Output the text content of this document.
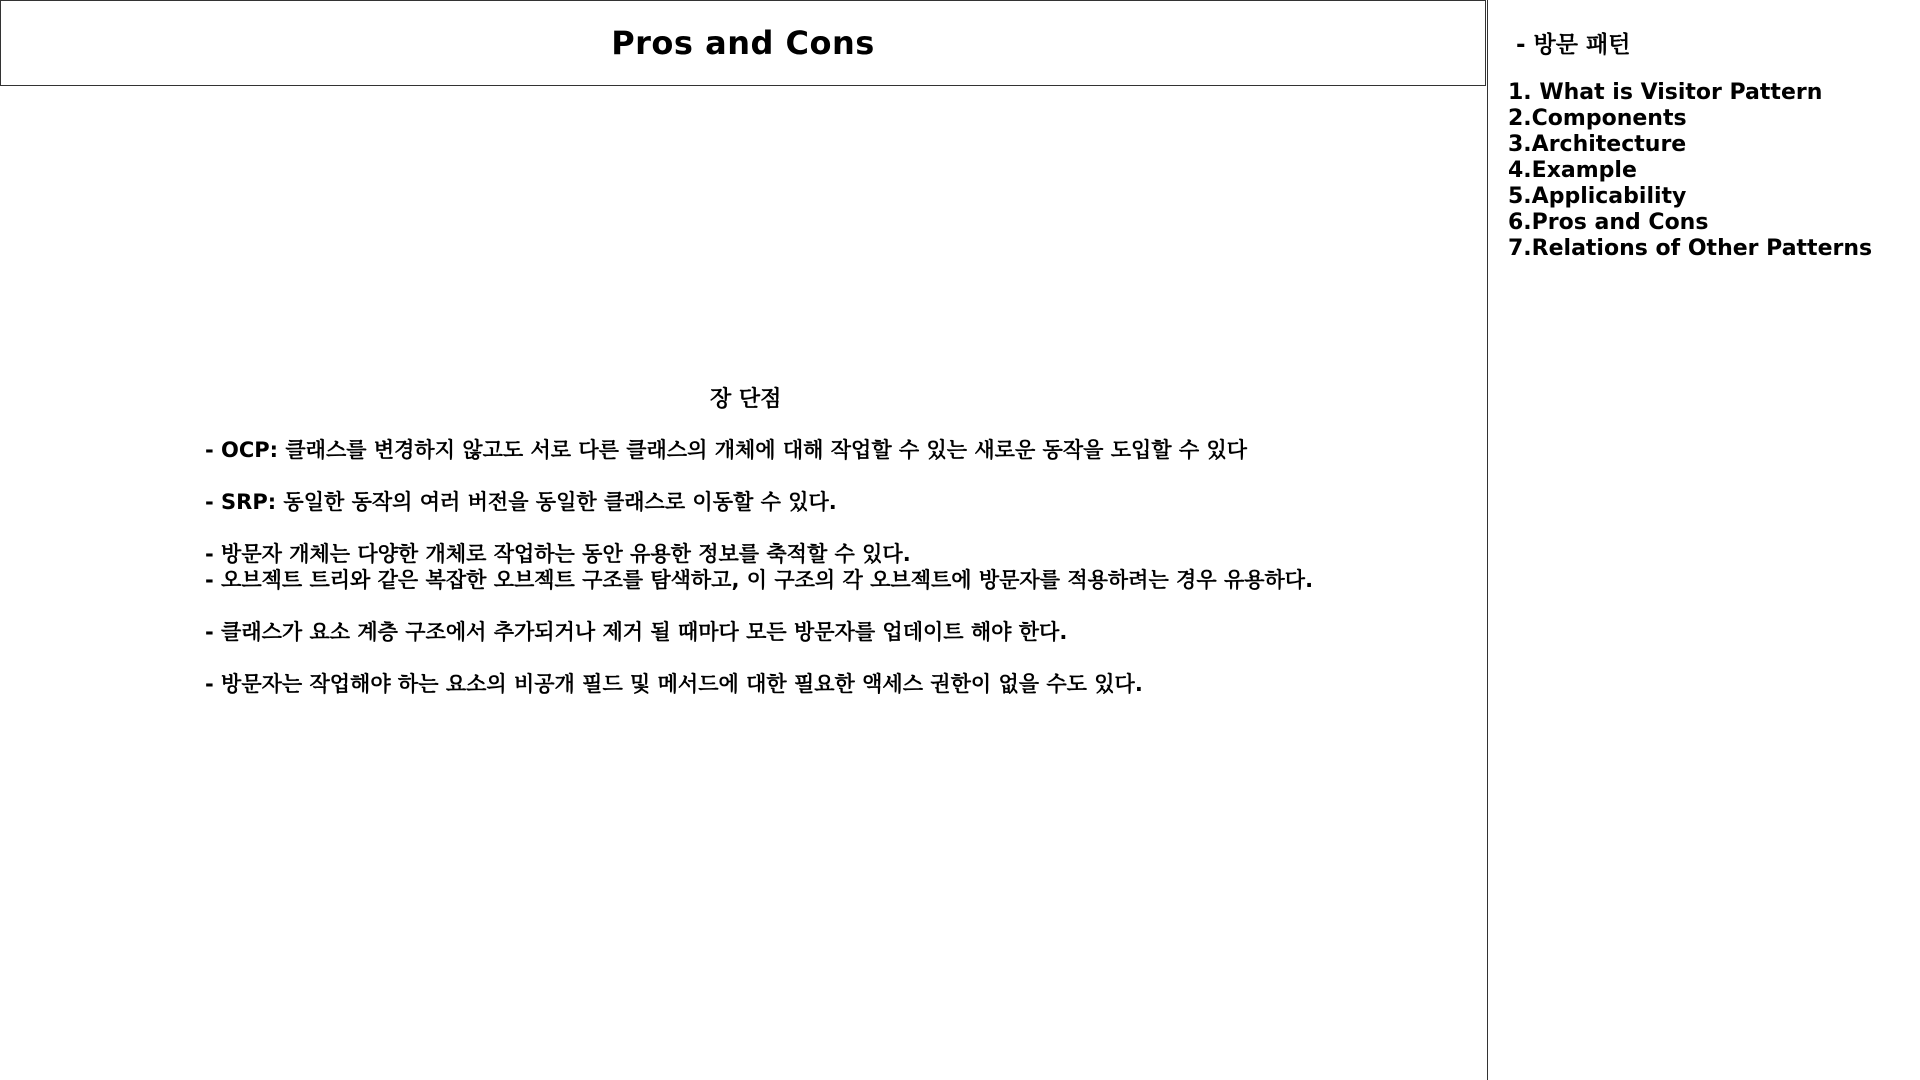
Pros and Cons
장 단점
- OCP: 클래스를 변경하지 않고도 서로 다른 클래스의 개체에 대해 작업할 수 있는 새로운 동작을 도입할 수 있다
- SRP: 동일한 동작의 여러 버전을 동일한 클래스로 이동할 수 있다.
- 방문자 개체는 다양한 개체로 작업하는 동안 유용한 정보를 축적할 수 있다.
- 오브젝트 트리와 같은 복잡한 오브젝트 구조를 탐색하고, 이 구조의 각 오브젝트에 방문자를 적용하려는 경우 유용하다.
- 클래스가 요소 계층 구조에서 추가되거나 제거 될 때마다 모든 방문자를 업데이트 해야 한다.
- 방문자는 작업해야 하는 요소의 비공개 필드 및 메서드에 대한 필요한 액세스 권한이 없을 수도 있다.
- 방문 패턴
1. What is Visitor Pattern
2.Components
3.Architecture
4.Example
5.Applicability
6.Pros and Cons
7.Relations of Other Patterns
